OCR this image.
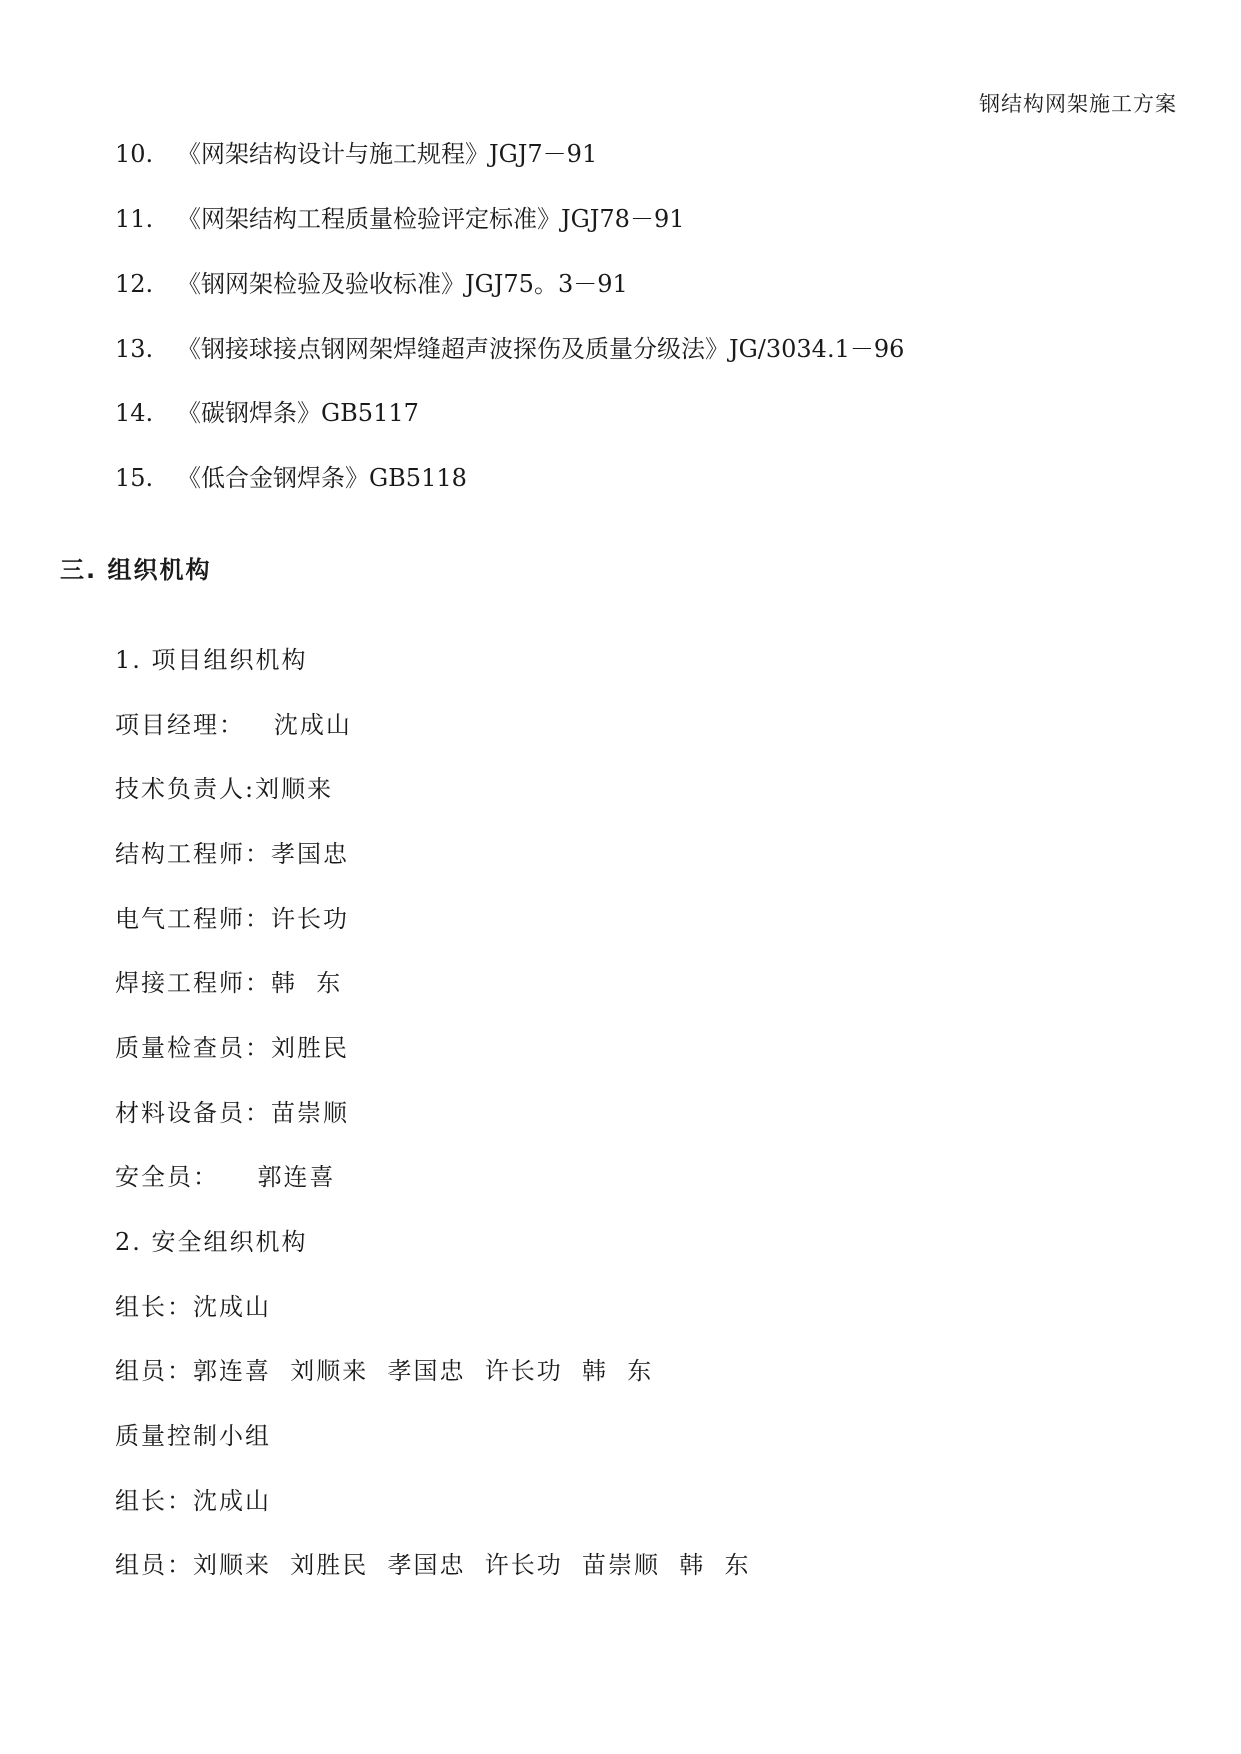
钢结构网架施工方案
10. 《网架结构设计与施工规程》JGJ7－91
11. 《网架结构工程质量检验评定标准》JGJ78－91
12. 《钢网架检验及验收标准》JGJ75。3－91
13. 《钢接球接点钢网架焊缝超声波探伤及质量分级法》JG/3034.1－96
14. 《碳钢焊条》GB5117
15. 《低合金钢焊条》GB5118
三. 组织机构
1. 项目组织机构
项目经理：   沈成山
技术负责人:刘顺来
结构工程师：孝国忠
电气工程师：许长功
焊接工程师：韩  东
质量检查员：刘胜民
材料设备员：苗崇顺
安全员：    郭连喜
2. 安全组织机构
组长：沈成山
组员：郭连喜  刘顺来  孝国忠  许长功  韩  东
质量控制小组
组长：沈成山
组员：刘顺来  刘胜民  孝国忠  许长功  苗崇顺  韩  东
